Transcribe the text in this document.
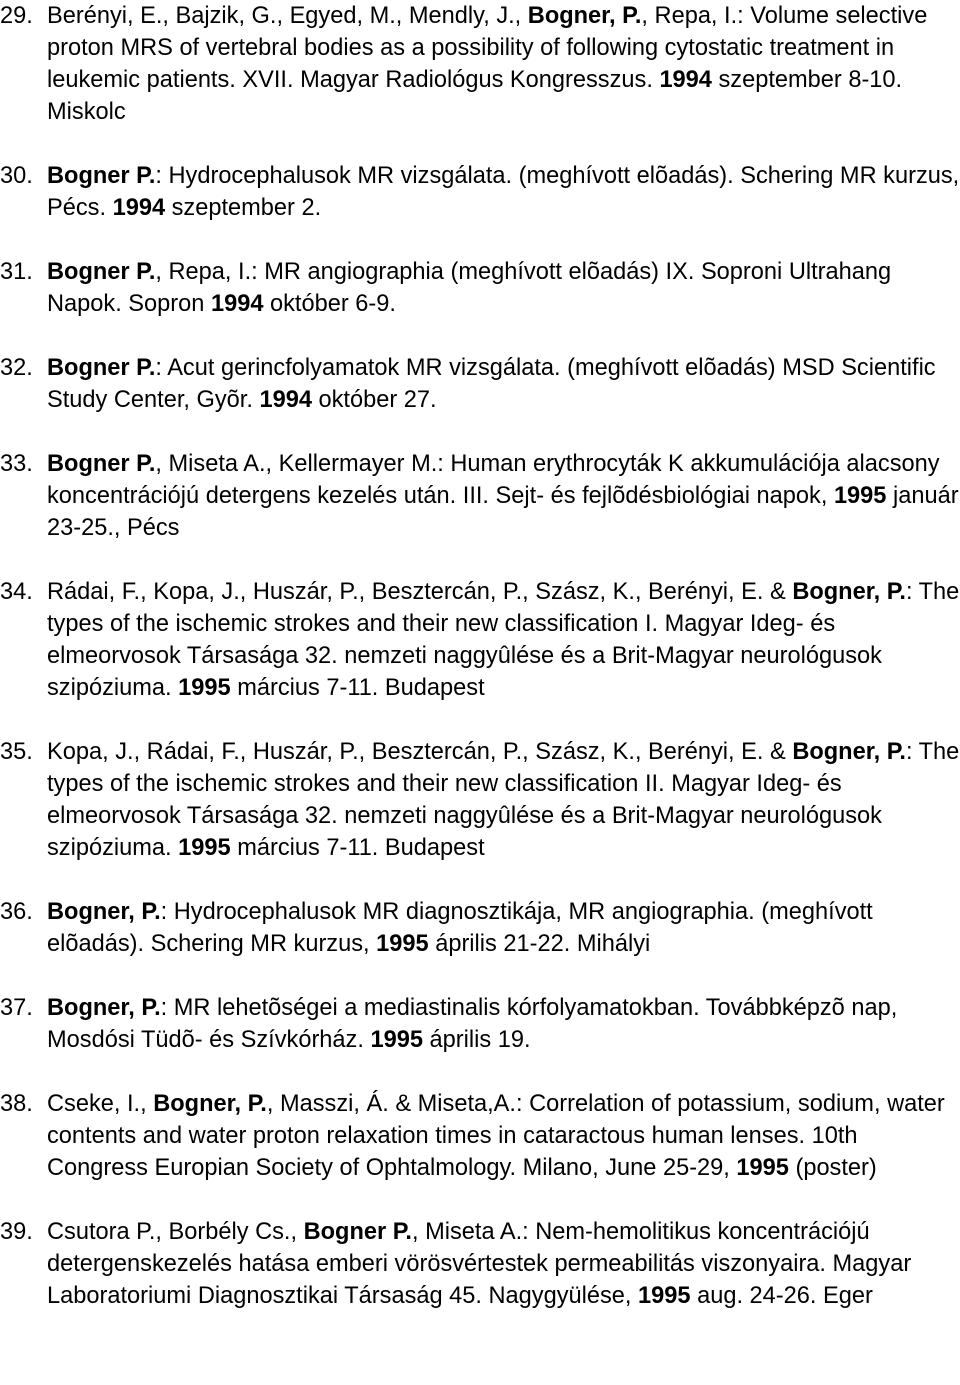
29. Berényi, E., Bajzik, G., Egyed, M., Mendly, J., Bogner, P., Repa, I.: Volume selective proton MRS of vertebral bodies as a possibility of following cytostatic treatment in leukemic patients. XVII. Magyar Radiológus Kongresszus. 1994 szeptember 8-10. Miskolc

30. Bogner P.: Hydrocephalusok MR vizsgálata. (meghívott elõadás). Schering MR kurzus, Pécs. 1994 szeptember 2.

31. Bogner P., Repa, I.: MR angiographia (meghívott elõadás) IX. Soproni Ultrahang Napok. Sopron 1994 október 6-9.

32. Bogner P.: Acut gerincfolyamatok MR vizsgálata. (meghívott elõadás) MSD Scientific Study Center, Gyõr. 1994 október 27.

33. Bogner P., Miseta A., Kellermayer M.: Human erythrocyták K akkumulációja alacsony koncentrációjú detergens kezelés után. III. Sejt- és fejlõdésbiológiai napok, 1995 január 23-25., Pécs

34. Rádai, F., Kopa, J., Huszár, P., Besztercán, P., Szász, K., Berényi, E. & Bogner, P.: The types of the ischemic strokes and their new classification I. Magyar Ideg- és elmeorvosok Társasága 32. nemzeti naggyûlése és a Brit-Magyar neurológusok szipóziuma. 1995 március 7-11. Budapest

35. Kopa, J., Rádai, F., Huszár, P., Besztercán, P., Szász, K., Berényi, E. & Bogner, P.: The types of the ischemic strokes and their new classification II. Magyar Ideg- és elmeorvosok Társasága 32. nemzeti naggyûlése és a Brit-Magyar neurológusok szipóziuma. 1995 március 7-11. Budapest

36. Bogner, P.: Hydrocephalusok MR diagnosztikája, MR angiographia. (meghívott elõadás). Schering MR kurzus, 1995 április 21-22. Mihályi

37. Bogner, P.: MR lehetõségei a mediastinalis kórfolyamatokban. Továbbképzõ nap, Mosdósi Tüdõ- és Szívkórház. 1995 április 19.

38. Cseke, I., Bogner, P., Masszi, Á. & Miseta,A.: Correlation of potassium, sodium, water contents and water proton relaxation times in cataractous human lenses. 10th Congress Europian Society of Ophtalmology. Milano, June 25-29, 1995 (poster)

39. Csutora P., Borbély Cs., Bogner P., Miseta A.: Nem-hemolitikus koncentrációjú detergenskezelés hatása emberi vörösvértestek permeabilitás viszonyaira. Magyar Laboratoriumi Diagnosztikai Társaság 45. Nagygyülése, 1995 aug. 24-26. Eger
